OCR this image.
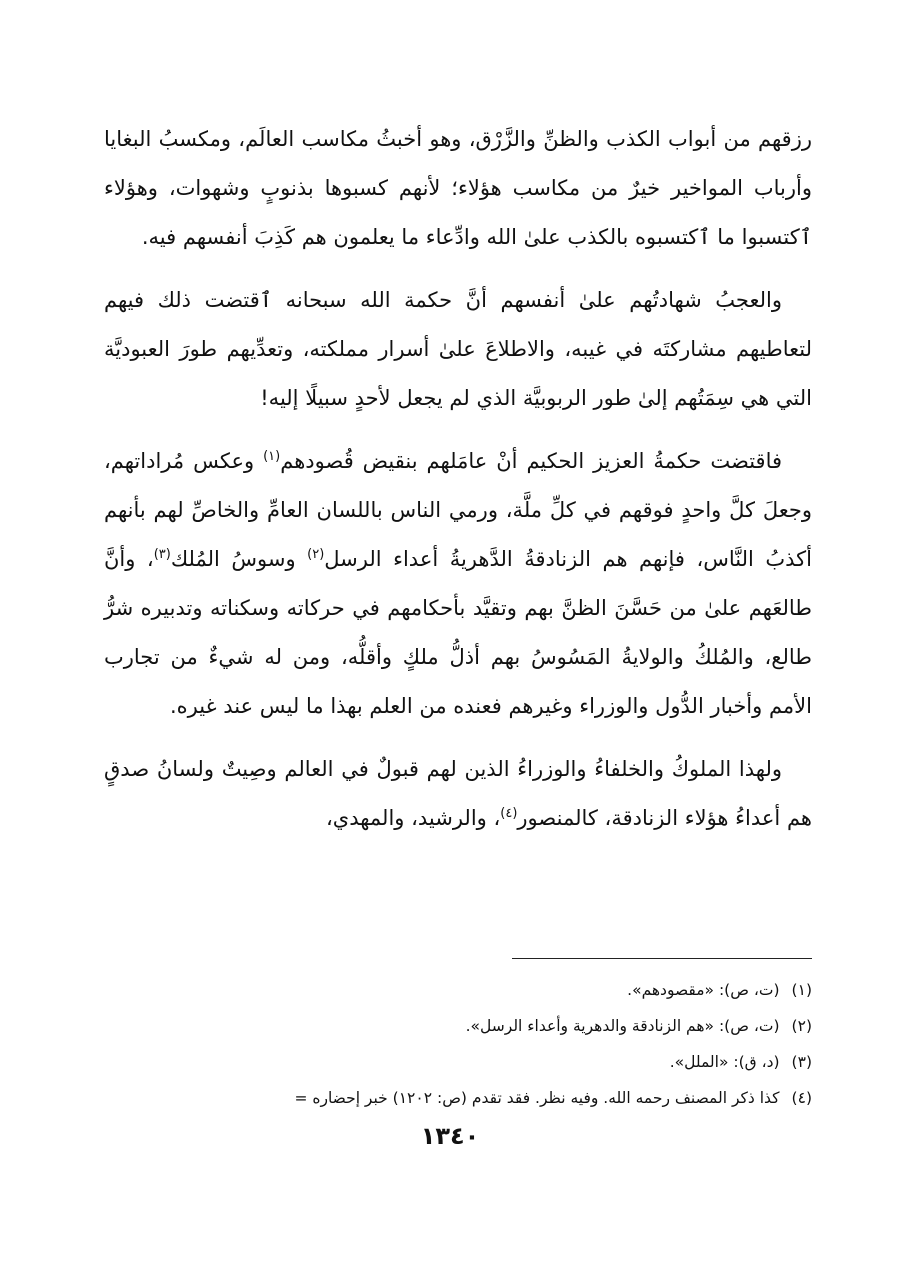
رزقهم من أبواب الكذب والظنِّ والزَّرْق، وهو أخبثُ مكاسب العالَم، ومكسبُ البغايا وأرباب المواخير خيرٌ من مكاسب هؤلاء؛ لأنهم كسبوها بذنوبٍ وشهوات، وهؤلاء ٱكتسبوا ما ٱكتسبوه بالكذب علىٰ الله وادِّعاء ما يعلمون هم كَذِبَ أنفسهم فيه.

والعجبُ شهادتُهم علىٰ أنفسهم أنَّ حكمة الله سبحانه ٱقتضت ذلك فيهم لتعاطيهم مشاركتَه في غيبه، والاطلاعَ علىٰ أسرار مملكته، وتعدِّيهم طورَ العبوديَّة التي هي سِمَتُهم إلىٰ طور الربوبيَّة الذي لم يجعل لأحدٍ سبيلًا إليه!

فاقتضت حكمةُ العزيز الحكيم أنْ عامَلهم بنقيض قُصودهم$^{(١)}$ وعكس مُراداتهم، وجعلَ كلَّ واحدٍ فوقهم في كلِّ ملَّة، ورمي الناس باللسان العامِّ والخاصِّ لهم بأنهم أكذبُ النَّاس، فإنهم هم الزنادقةُ الدَّهريةُ أعداء الرسل$^{(٢)}$ وسوسُ المُلك$^{(٣)}$، وأنَّ طالعَهم علىٰ من حَسَّنَ الظنَّ بهم وتقيَّد بأحكامهم في حركاته وسكناته وتدبيره شرُّ طالع، والمُلكُ والولايةُ المَسُوسُ بهم أذلُّ ملكٍ وأقلُّه، ومن له شيءٌ من تجارب الأمم وأخبار الدُّول والوزراء وغيرهم فعنده من العلم بهذا ما ليس عند غيره.

ولهذا الملوكُ والخلفاءُ والوزراءُ الذين لهم قبولٌ في العالم وصِيتٌ ولسانُ صدقٍ هم أعداءُ هؤلاء الزنادقة، كالمنصور$^{(٤)}$، والرشيد، والمهدي،

(١)(ت، ص): «مقصودهم».
(٢)(ت، ص): «هم الزنادقة والدهرية وأعداء الرسل».
(٣)(د، ق): «الملل».
(٤)كذا ذكر المصنف رحمه الله. وفيه نظر. فقد تقدم (ص: ١٢٠٢) خبر إحضاره =
١٣٤٠
